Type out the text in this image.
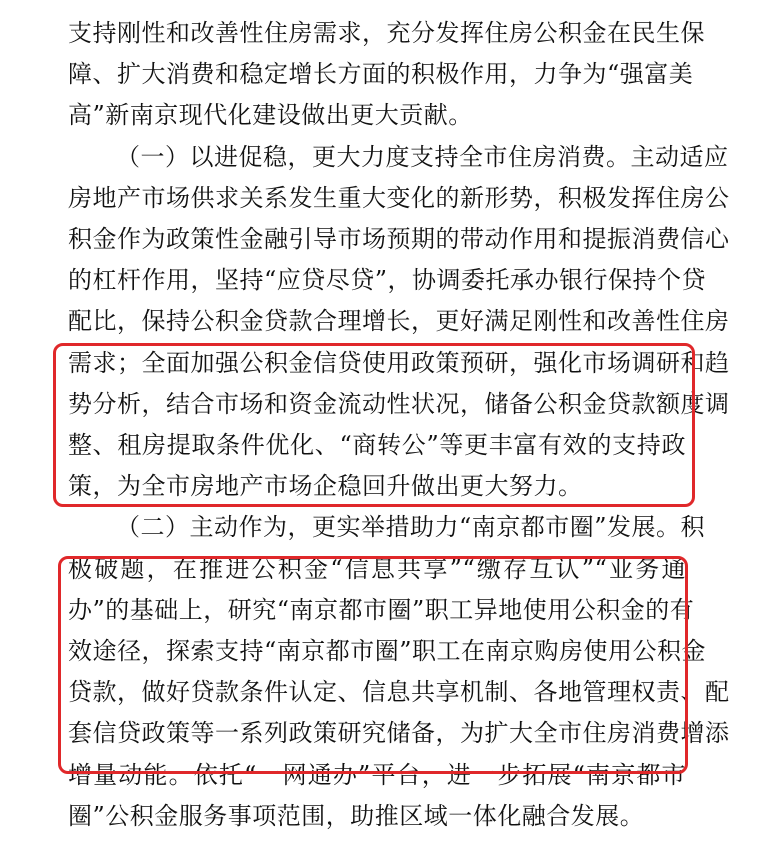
支持刚性和改善性住房需求，充分发挥住房公积金在民生保
障、扩大消费和稳定增长方面的积极作用，力争为“强富美
高”新南京现代化建设做出更大贡献。
（一）以进促稳，更大力度支持全市住房消费。主动适应
房地产市场供求关系发生重大变化的新形势，积极发挥住房公
积金作为政策性金融引导市场预期的带动作用和提振消费信心
的杠杆作用，坚持“应贷尽贷”，协调委托承办银行保持个贷
配比，保持公积金贷款合理增长，更好满足刚性和改善性住房
需求；全面加强公积金信贷使用政策预研，强化市场调研和趋
势分析，结合市场和资金流动性状况，储备公积金贷款额度调
整、租房提取条件优化、“商转公”等更丰富有效的支持政
策，为全市房地产市场企稳回升做出更大努力。
（二）主动作为，更实举措助力“南京都市圈”发展。积
极破题，在推进公积金“信息共享”“缴存互认”“业务通
办”的基础上，研究“南京都市圈”职工异地使用公积金的有
效途径，探索支持“南京都市圈”职工在南京购房使用公积金
贷款，做好贷款条件认定、信息共享机制、各地管理权责、配
套信贷政策等一系列政策研究储备，为扩大全市住房消费增添
增量动能。依托“一网通办”平台，进一步拓展“南京都市
圈”公积金服务事项范围，助推区域一体化融合发展。
